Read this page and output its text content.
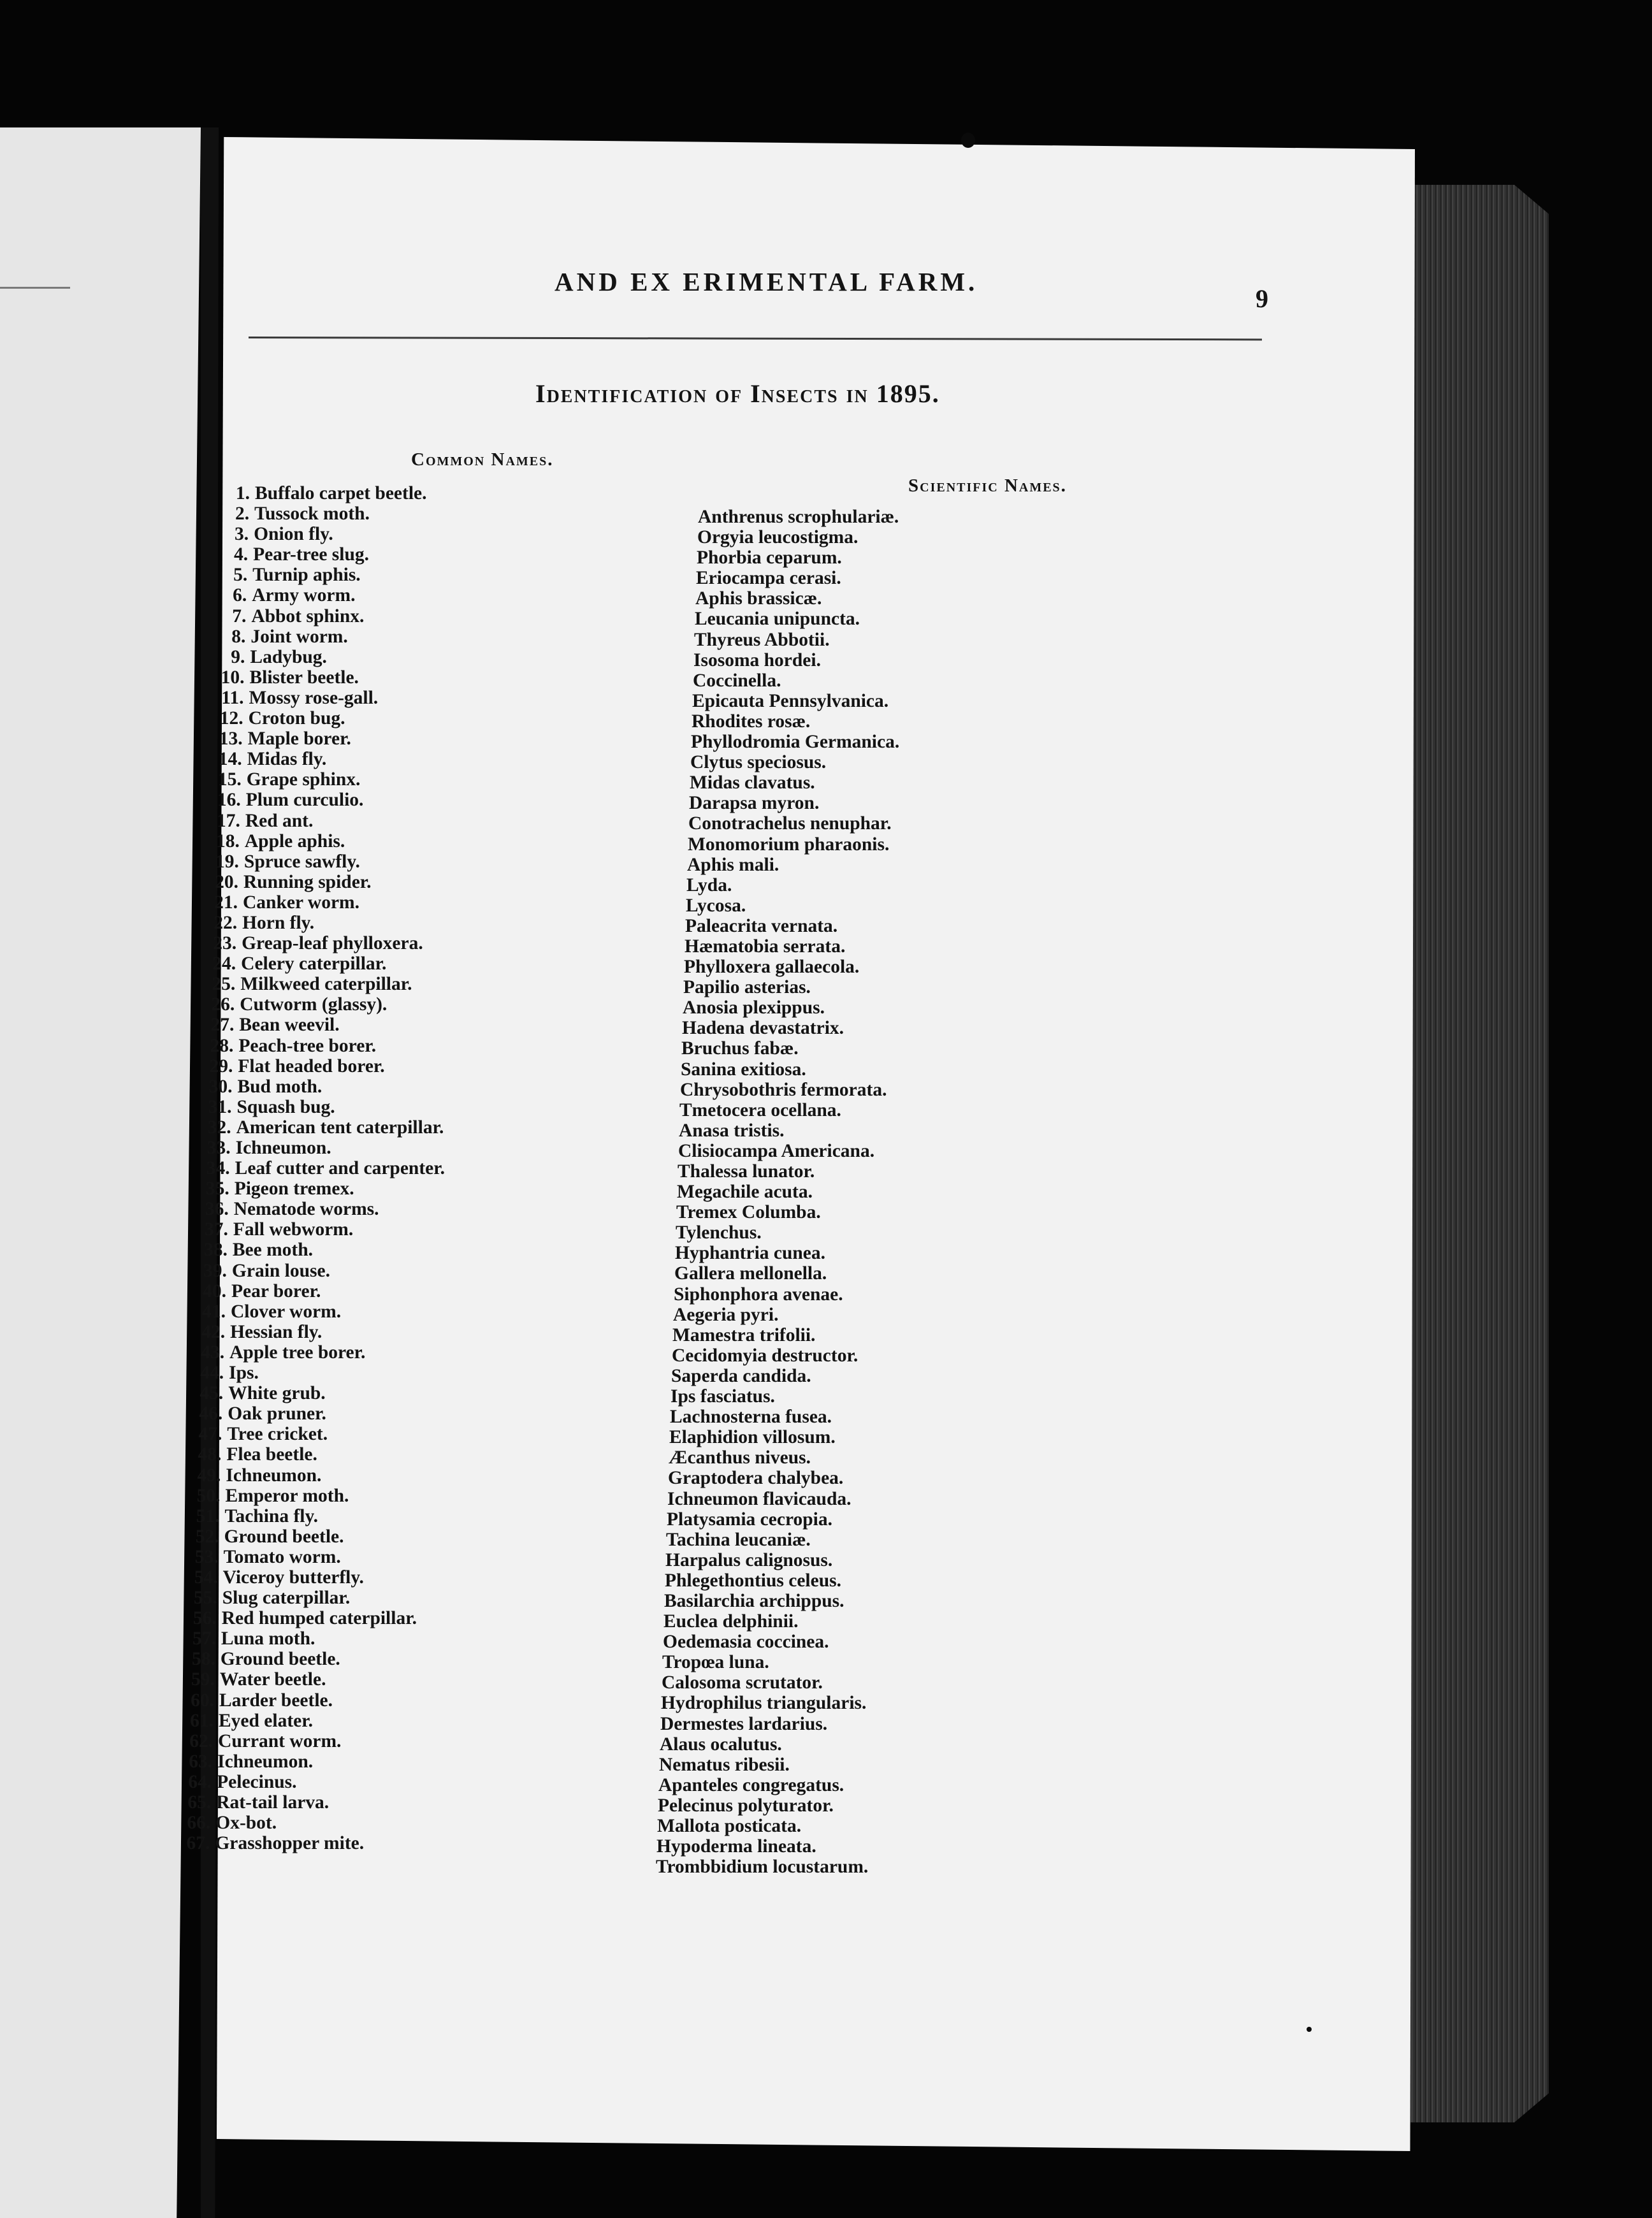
AND EX ERIMENTAL FARM.
9
Identification of Insects in 1895.
Common Names.
Scientific Names.
1. Buffalo carpet beetle.
2. Tussock moth.
3. Onion fly.
4. Pear-tree slug.
5. Turnip aphis.
6. Army worm.
7. Abbot sphinx.
8. Joint worm.
9. Ladybug.
10. Blister beetle.
11. Mossy rose-gall.
12. Croton bug.
13. Maple borer.
14. Midas fly.
15. Grape sphinx.
16. Plum curculio.
17. Red ant.
18. Apple aphis.
19. Spruce sawfly.
20. Running spider.
21. Canker worm.
22. Horn fly.
23. Greap-leaf phylloxera.
24. Celery caterpillar.
25. Milkweed caterpillar.
26. Cutworm (glassy).
27. Bean weevil.
28. Peach-tree borer.
29. Flat headed borer.
30. Bud moth.
31. Squash bug.
32. American tent caterpillar.
33. Ichneumon.
34. Leaf cutter and carpenter.
35. Pigeon tremex.
36. Nematode worms.
37. Fall webworm.
38. Bee moth.
39. Grain louse.
40. Pear borer.
41. Clover worm.
42. Hessian fly.
43. Apple tree borer.
44. Ips.
45. White grub.
46. Oak pruner.
47. Tree cricket.
48. Flea beetle.
49. Ichneumon.
50. Emperor moth.
51. Tachina fly.
52. Ground beetle.
53. Tomato worm.
54. Viceroy butterfly.
55. Slug caterpillar.
56. Red humped caterpillar.
57. Luna moth.
58. Ground beetle.
59. Water beetle.
60. Larder beetle.
61. Eyed elater.
62. Currant worm.
63. Ichneumon.
64. Pelecinus.
65. Rat-tail larva.
66. Ox-bot.
67. Grasshopper mite.
Anthrenus scrophulariæ.
Orgyia leucostigma.
Phorbia ceparum.
Eriocampa cerasi.
Aphis brassicæ.
Leucania unipuncta.
Thyreus Abbotii.
Isosoma hordei.
Coccinella.
Epicauta Pennsylvanica.
Rhodites rosæ.
Phyllodromia Germanica.
Clytus speciosus.
Midas clavatus.
Darapsa myron.
Conotrachelus nenuphar.
Monomorium pharaonis.
Aphis mali.
Lyda.
Lycosa.
Paleacrita vernata.
Hæmatobia serrata.
Phylloxera gallaecola.
Papilio asterias.
Anosia plexippus.
Hadena devastatrix.
Bruchus fabæ.
Sanina exitiosa.
Chrysobothris fermorata.
Tmetocera ocellana.
Anasa tristis.
Clisiocampa Americana.
Thalessa lunator.
Megachile acuta.
Tremex Columba.
Tylenchus.
Hyphantria cunea.
Gallera mellonella.
Siphonphora avenae.
Aegeria pyri.
Mamestra trifolii.
Cecidomyia destructor.
Saperda candida.
Ips fasciatus.
Lachnosterna fusea.
Elaphidion villosum.
Æcanthus niveus.
Graptodera chalybea.
Ichneumon flavicauda.
Platysamia cecropia.
Tachina leucaniæ.
Harpalus calignosus.
Phlegethontius celeus.
Basilarchia archippus.
Euclea delphinii.
Oedemasia coccinea.
Tropœa luna.
Calosoma scrutator.
Hydrophilus triangularis.
Dermestes lardarius.
Alaus ocalutus.
Nematus ribesii.
Apanteles congregatus.
Pelecinus polyturator.
Mallota posticata.
Hypoderma lineata.
Trombbidium locustarum.
